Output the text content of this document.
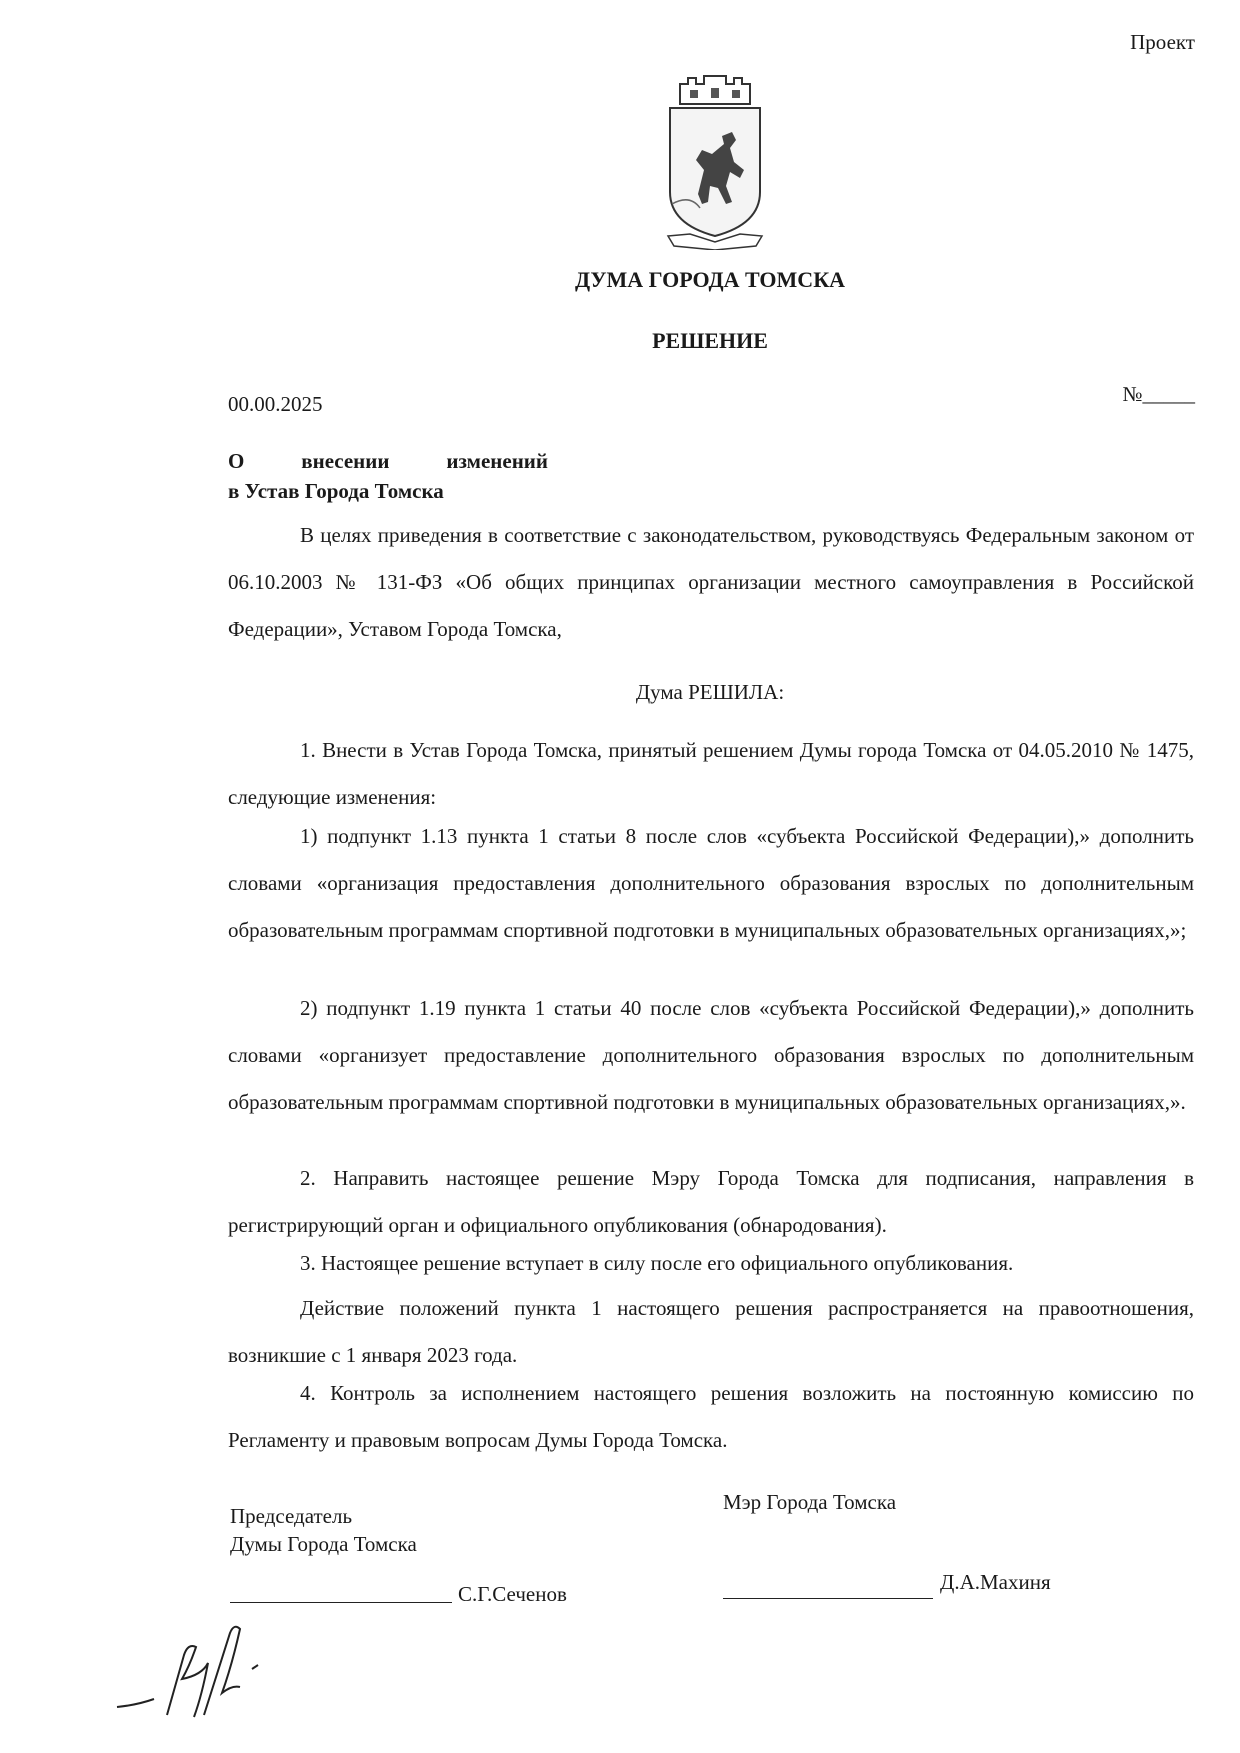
Проект
ДУМА ГОРОДА ТОМСКА
РЕШЕНИЕ
00.00.2025	№_____
О	внесении	изменений
в Устав Города Томска
В целях приведения в соответствие с законодательством, руководствуясь Федеральным законом от 06.10.2003 № 131-ФЗ «Об общих принципах организации местного самоуправления в Российской Федерации», Уставом Города Томска,
Дума РЕШИЛА:
1. Внести в Устав Города Томска, принятый решением Думы города Томска от 04.05.2010 № 1475, следующие изменения:
1) подпункт 1.13 пункта 1 статьи 8 после слов «субъекта Российской Федерации),» дополнить словами «организация предоставления дополнительного образования взрослых по дополнительным образовательным программам спортивной подготовки в муниципальных образовательных организациях,»;
2) подпункт 1.19 пункта 1 статьи 40 после слов «субъекта Российской Федерации),» дополнить словами «организует предоставление дополнительного образования взрослых по дополнительным образовательным программам спортивной подготовки в муниципальных образовательных организациях,».
2. Направить настоящее решение Мэру Города Томска для подписания, направления в регистрирующий орган и официального опубликования (обнародования).
3. Настоящее решение вступает в силу после его официального опубликования.
Действие положений пункта 1 настоящего решения распространяется на правоотношения, возникшие с 1 января 2023 года.
4. Контроль за исполнением настоящего решения возложить на постоянную комиссию по Регламенту и правовым вопросам Думы Города Томска.
Председатель
Думы Города Томска
С.Г.Сеченов
Мэр Города Томска
Д.А.Махиня
